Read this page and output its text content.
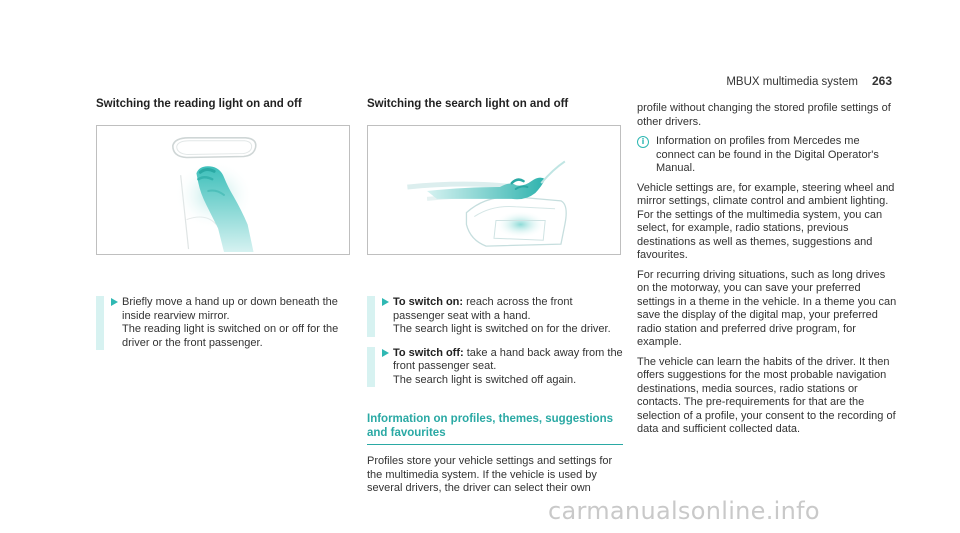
MBUX multimedia system 263
Switching the reading light on and off

Briefly move a hand up or down beneath the inside rearview mirror.

The reading light is switched on or off for the driver or the front passenger.

Switching the search light on and off

To switch on: reach across the front passenger seat with a hand.

The search light is switched on for the driver.

To switch off: take a hand back away from the front passenger seat.

The search light is switched off again.

Information on profiles, themes, suggestions and favourites

Profiles store your vehicle settings and settings for the multimedia system. If the vehicle is used by several drivers, the driver can select their own

profile without changing the stored profile settings of other drivers.

i	Information on profiles from Mercedes me connect can be found in the Digital Operator's Manual.

Vehicle settings are, for example, steering wheel and mirror settings, climate control and ambient lighting. For the settings of the multimedia system, you can select, for example, radio stations, previous destinations as well as themes, suggestions and favourites.

For recurring driving situations, such as long drives on the motorway, you can save your preferred settings in a theme in the vehicle. In a theme you can save the display of the digital map, your preferred radio station and preferred drive program, for example.

The vehicle can learn the habits of the driver. It then offers suggestions for the most probable navigation destinations, media sources, radio stations or contacts. The pre-requirements for that are the selection of a profile, your consent to the recording of data and sufficient collected data.

carmanualsonline.info
